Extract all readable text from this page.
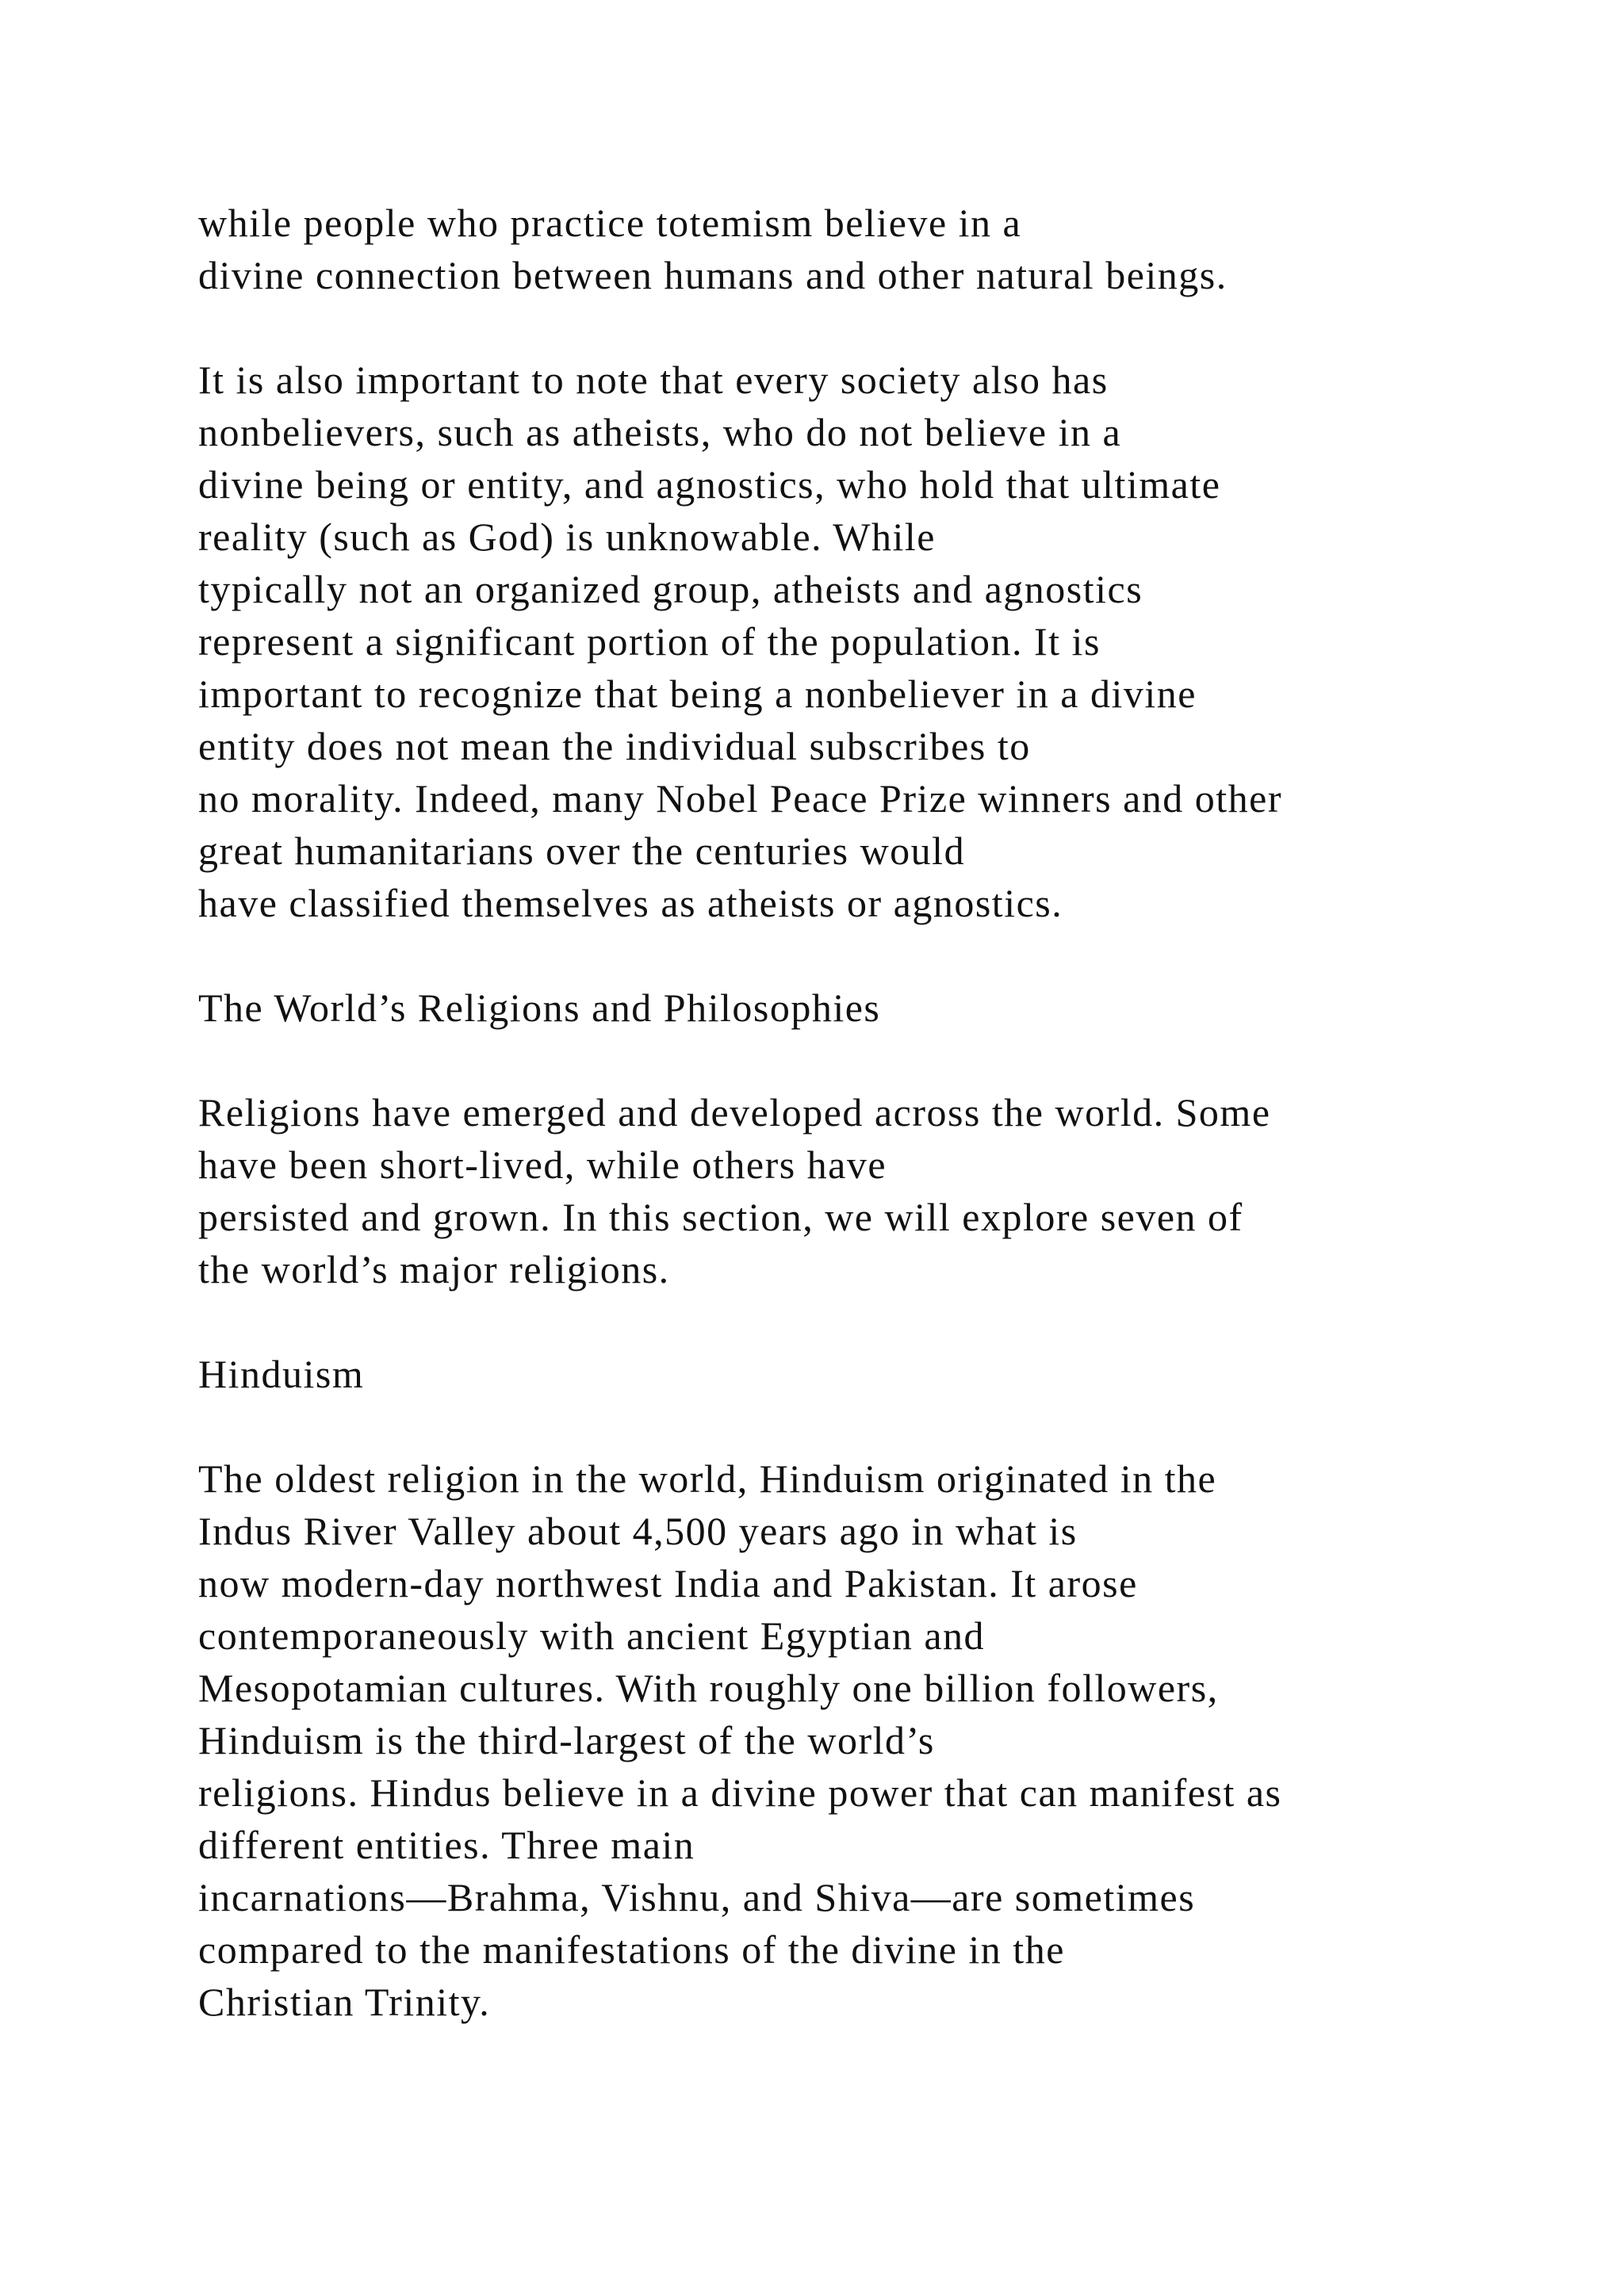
while people who practice totemism believe in a

divine connection between humans and other natural beings.

It is also important to note that every society also has

nonbelievers, such as atheists, who do not believe in a

divine being or entity, and agnostics, who hold that ultimate

reality (such as God) is unknowable. While

typically not an organized group, atheists and agnostics

represent a significant portion of the population. It is

important to recognize that being a nonbeliever in a divine

entity does not mean the individual subscribes to

no morality. Indeed, many Nobel Peace Prize winners and other

great humanitarians over the centuries would

have classified themselves as atheists or agnostics.

The World’s Religions and Philosophies

Religions have emerged and developed across the world. Some

have been short-lived, while others have

persisted and grown. In this section, we will explore seven of

the world’s major religions.

Hinduism

The oldest religion in the world, Hinduism originated in the

Indus River Valley about 4,500 years ago in what is

now modern-day northwest India and Pakistan. It arose

contemporaneously with ancient Egyptian and

Mesopotamian cultures. With roughly one billion followers,

Hinduism is the third-largest of the world’s

religions. Hindus believe in a divine power that can manifest as

different entities. Three main

incarnations—Brahma, Vishnu, and Shiva—are sometimes

compared to the manifestations of the divine in the

Christian Trinity.
